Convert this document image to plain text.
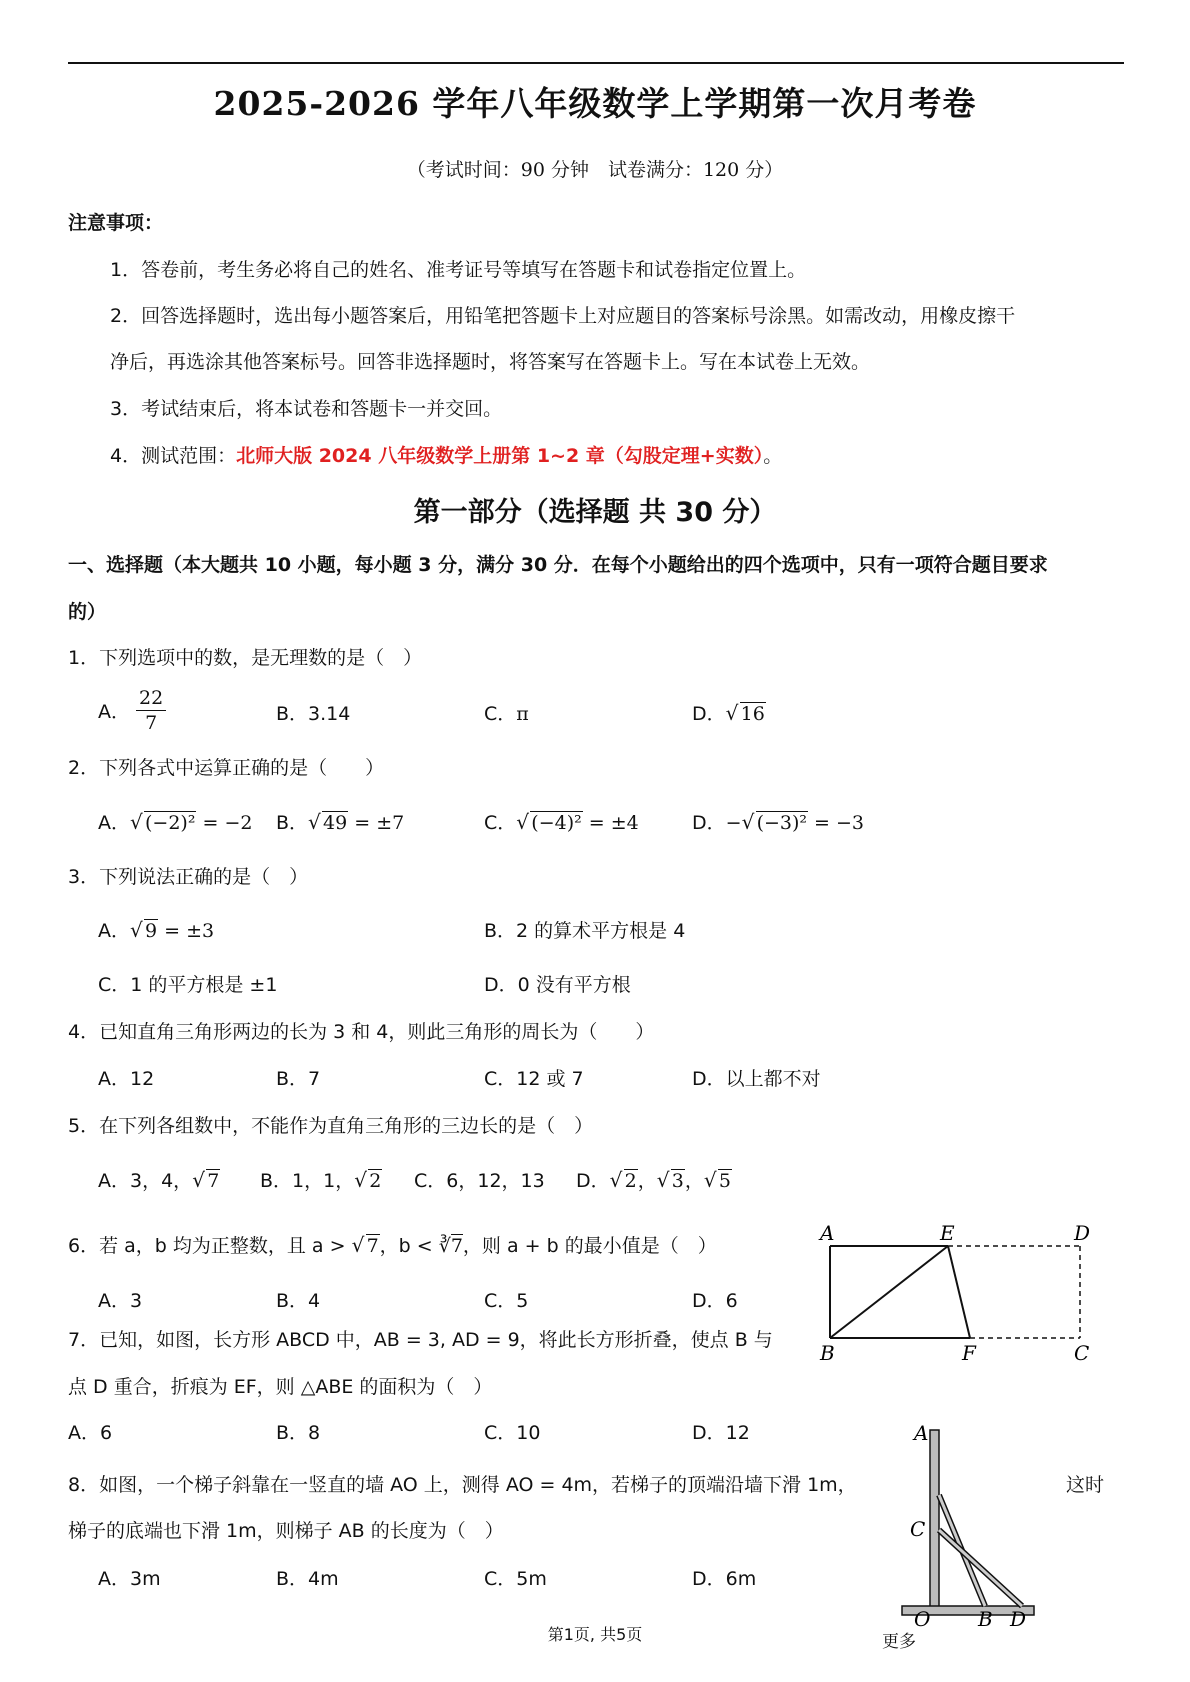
2025-2026 学年八年级数学上学期第一次月考卷
（考试时间：90 分钟　试卷满分：120 分）
注意事项：
1．答卷前，考生务必将自己的姓名、准考证号等填写在答题卡和试卷指定位置上。
2．回答选择题时，选出每小题答案后，用铅笔把答题卡上对应题目的答案标号涂黑。如需改动，用橡皮擦干
净后，再选涂其他答案标号。回答非选择题时，将答案写在答题卡上。写在本试卷上无效。
3．考试结束后，将本试卷和答题卡一并交回。
4．测试范围：北师大版 2024 八年级数学上册第 1~2 章（勾股定理+实数）。
第一部分（选择题 共 30 分）
一、选择题（本大题共 10 小题，每小题 3 分，满分 30 分．在每个小题给出的四个选项中，只有一项符合题目要求
的）
1．下列选项中的数，是无理数的是（　）
A． $\frac{22}{7}$	B．3.14	C．π	D． √ 16
2．下列各式中运算正确的是（　　）
A． √ (−2)² = −2 B． √ 49 = ±7	C． √ (−4)² = ±4	D．− √ (−3)² = −3
3．下列说法正确的是（　）
A． √ 9 = ±3	B．2 的算术平方根是 4
C．1 的平方根是 ±1	D．0 没有平方根
4．已知直角三角形两边的长为 3 和 4，则此三角形的周长为（　　）
A．12	B．7	C．12 或 7	D．以上都不对
5．在下列各组数中，不能作为直角三角形的三边长的是（　）
A．3，4， √ 7 B．1，1， √ 2 C．6，12，13 D． √ 2， √ 3， √ 5
6．若 a，b 均为正整数，且 a > √ 7，b < ∛7，则 a + b 的最小值是（　）
A．3	B．4	C．5	D．6
A	E	D
B	F	C
7．已知，如图，长方形 ABCD 中，AB = 3, AD = 9，将此长方形折叠，使点 B 与
点 D 重合，折痕为 EF，则 △ABE 的面积为（　）
A．6	B．8	C．10	D．12	A
C
O B D
8．如图，一个梯子斜靠在一竖直的墙 AO 上，测得 AO = 4m，若梯子的顶端沿墙下滑 1m，	这时
梯子的底端也下滑 1m，则梯子 AB 的长度为（　）
A．3m	B．4m	C．5m	D．6m
第1页, 共5页	更多
